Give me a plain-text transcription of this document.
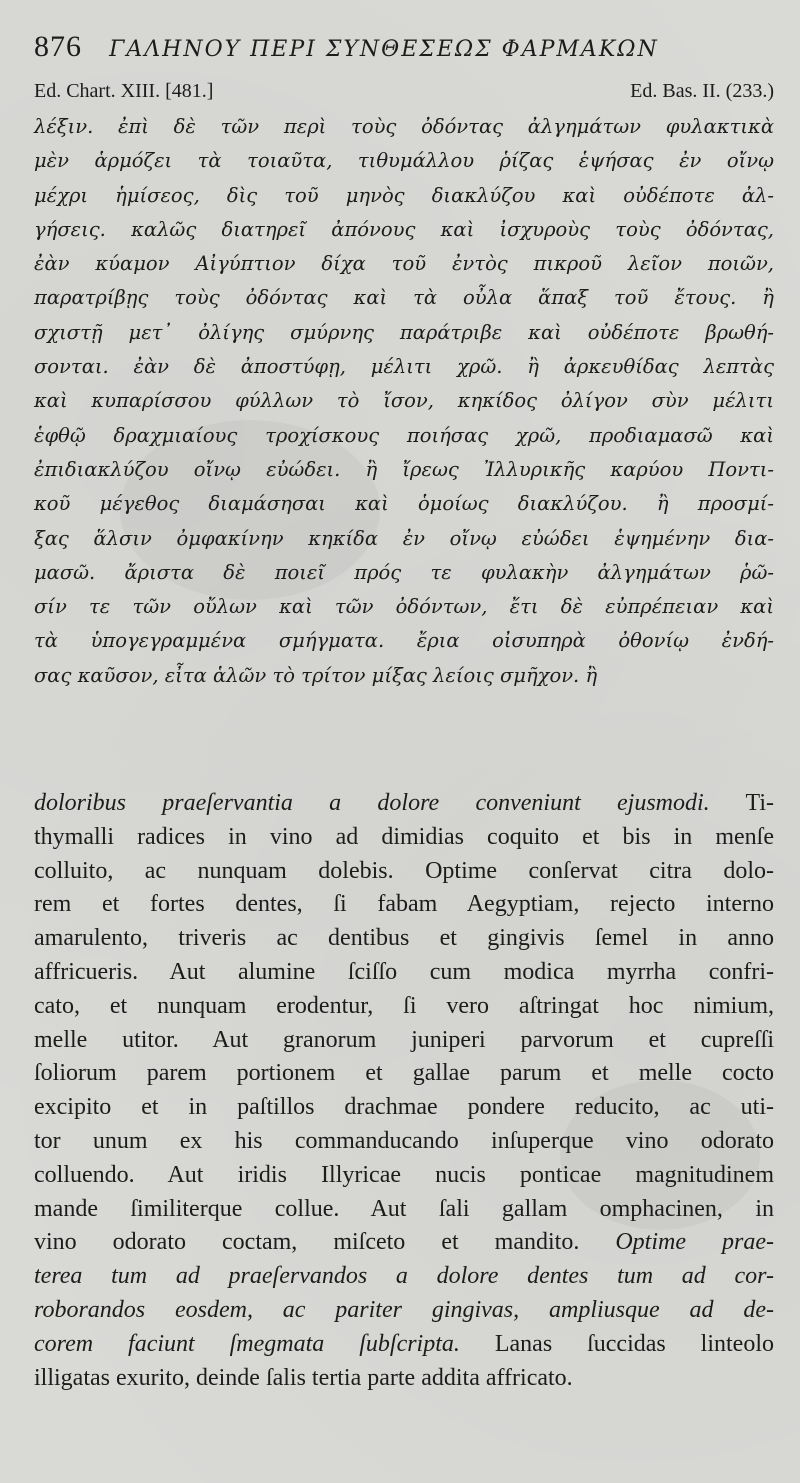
876 ΓΑΛΗΝΟΥ ΠΕΡΙ ΣΥΝΘΕΣΕΩΣ ΦΑΡΜΑΚΩΝ
Ed. Chart. XIII. [481.]	Ed. Bas. II. (233.)
λέξιν. ἐπὶ δὲ τῶν περὶ τοὺς ὀδόντας ἀλγημάτων φυλακτικὰ
μὲν ἁρμόζει τὰ τοιαῦτα, τιθυμάλλου ῥίζας ἑψήσας ἐν οἴνῳ
μέχρι ἡμίσεος, δὶς τοῦ μηνὸς διακλύζου καὶ οὐδέποτε ἀλ-
γήσεις. καλῶς διατηρεῖ ἀπόνους καὶ ἰσχυροὺς τοὺς ὀδόντας,
ἐὰν κύαμον Αἰγύπτιον δίχα τοῦ ἐντὸς πικροῦ λεῖον ποιῶν,
παρατρίβῃς τοὺς ὀδόντας καὶ τὰ οὖλα ἅπαξ τοῦ ἔτους. ἢ
σχιστῇ μετ᾽ ὀλίγης σμύρνης παράτριβε καὶ οὐδέποτε βρωθή-
σονται. ἐὰν δὲ ἀποστύφῃ, μέλιτι χρῶ. ἢ ἀρκευθίδας λεπτὰς
καὶ κυπαρίσσου φύλλων τὸ ἴσον, κηκίδος ὀλίγον σὺν μέλιτι
ἑφθῷ δραχμιαίους τροχίσκους ποιήσας χρῶ, προδιαμασῶ καὶ
ἐπιδιακλύζου οἴνῳ εὐώδει. ἢ ἴρεως Ἰλλυρικῆς καρύου Ποντι-
κοῦ μέγεθος διαμάσησαι καὶ ὁμοίως διακλύζου. ἢ προσμί-
ξας ἅλσιν ὀμφακίνην κηκίδα ἐν οἴνῳ εὐώδει ἑψημένην δια-
μασῶ. ἄριστα δὲ ποιεῖ πρός τε φυλακὴν ἀλγημάτων ῥῶ-
σίν τε τῶν οὔλων καὶ τῶν ὀδόντων, ἔτι δὲ εὐπρέπειαν καὶ
τὰ ὑπογεγραμμένα σμήγματα. ἔρια οἰσυπηρὰ ὀθονίῳ ἐνδή-
σας καῦσον, εἶτα ἁλῶν τὸ τρίτον μίξας λείοις σμῆχον. ἢ
doloribus praeſervantia a dolore conveniunt ejusmodi. Ti-
thymalli radices in vino ad dimidias coquito et bis in menſe
colluito, ac nunquam dolebis. Optime conſervat citra dolo-
rem et fortes dentes, ſi fabam Aegyptiam, rejecto interno
amarulento, triveris ac dentibus et gingivis ſemel in anno
affricueris. Aut alumine ſciſſo cum modica myrrha confri-
cato, et nunquam erodentur, ſi vero aſtringat hoc nimium,
melle utitor. Aut granorum juniperi parvorum et cupreſſi
ſoliorum parem portionem et gallae parum et melle cocto
excipito et in paſtillos drachmae pondere reducito, ac uti-
tor unum ex his commanducando inſuperque vino odorato
colluendo. Aut iridis Illyricae nucis ponticae magnitudinem
mande ſimiliterque collue. Aut ſali gallam omphacinen, in
vino odorato coctam, miſceto et mandito. Optime prae-
terea tum ad praeſervandos a dolore dentes tum ad cor-
roborandos eosdem, ac pariter gingivas, ampliusque ad de-
corem faciunt ſmegmata ſubſcripta. Lanas ſuccidas linteolo
illigatas exurito, deinde ſalis tertia parte addita affricato.
